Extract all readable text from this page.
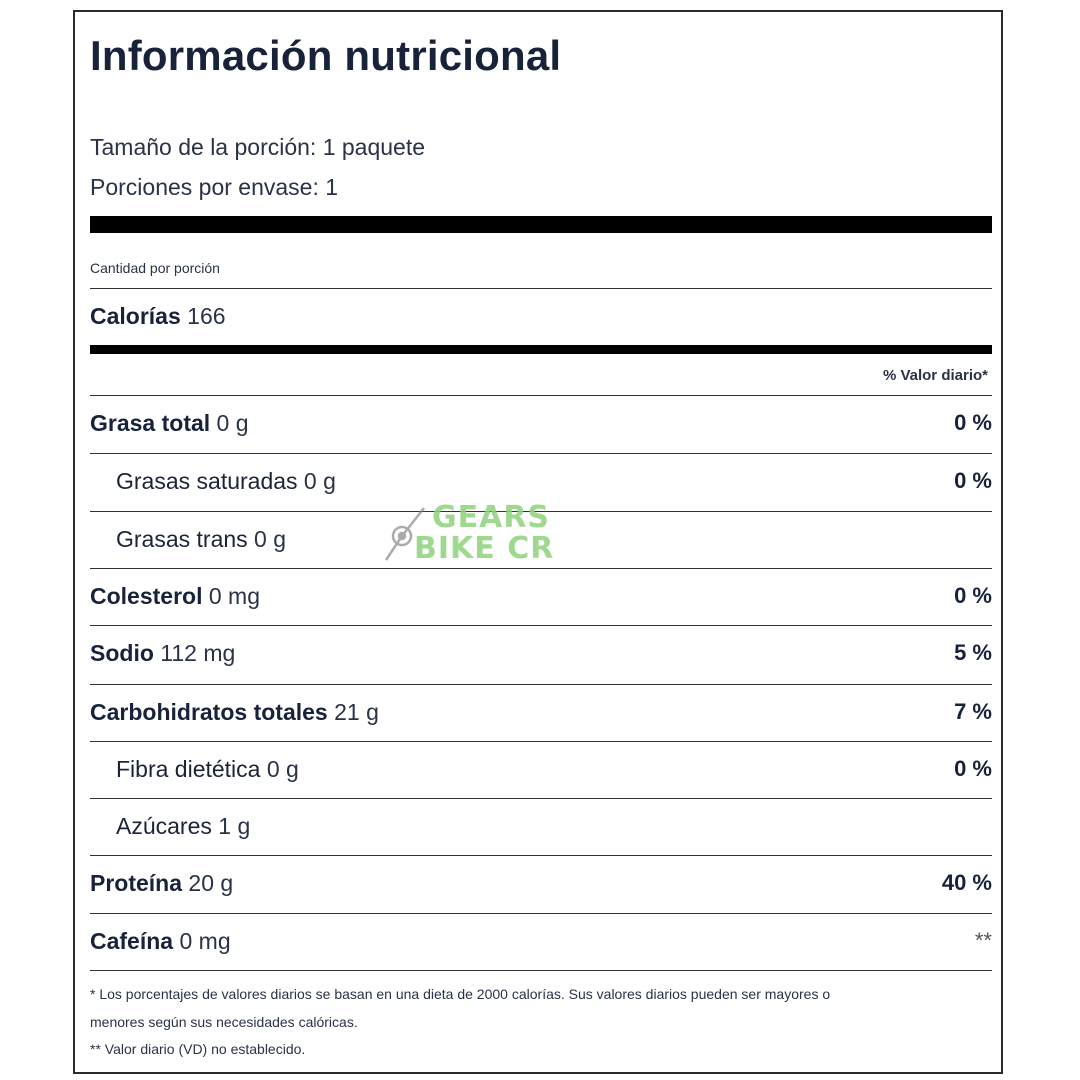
Información nutricional
Tamaño de la porción: 1 paquete
Porciones por envase: 1
Cantidad por porción
Calorías 166
% Valor diario*
Grasa total 0 g	0 %
Grasas saturadas 0 g	0 %
Grasas trans 0 g
Colesterol 0 mg	0 %
Sodio 112 mg	5 %
Carbohidratos totales 21 g	7 %
Fibra dietética 0 g	0 %
Azúcares 1 g
Proteína 20 g	40 %
Cafeína 0 mg	**
* Los porcentajes de valores diarios se basan en una dieta de 2000 calorías. Sus valores diarios pueden ser mayores o
menores según sus necesidades calóricas.
** Valor diario (VD) no establecido.
GEARS
BIKE CR
